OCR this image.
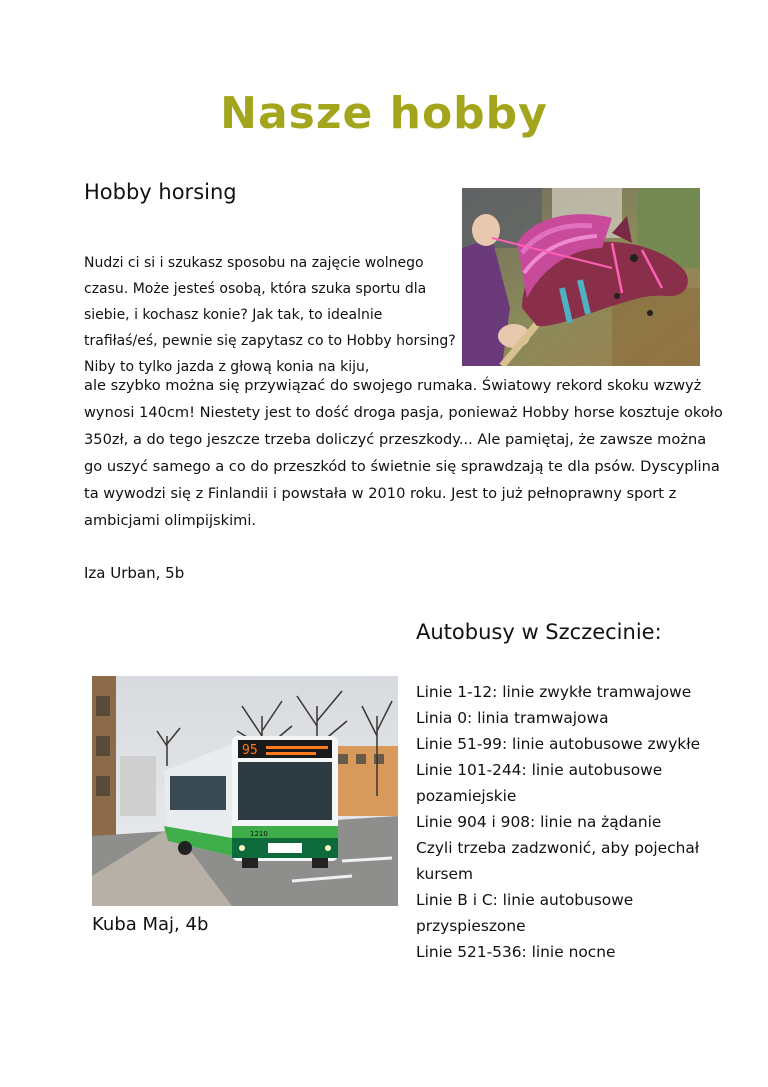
Nasze hobby
Hobby horsing

Nudzi ci si i szukasz sposobu na zajęcie wolnego

czasu. Może jesteś osobą, która szuka sportu dla

siebie, i kochasz konie? Jak tak, to idealnie

trafiłaś/eś, pewnie się zapytasz co to Hobby horsing?

Niby to tylko jazda z głową konia na kiju,

ale szybko można się przywiązać do swojego rumaka. Światowy rekord skoku wzwyż wynosi 140cm! Niestety jest to dość droga pasja, ponieważ Hobby horse kosztuje około 350zł, a do tego jeszcze trzeba doliczyć przeszkody... Ale pamiętaj, że zawsze można go uszyć samego a co do przeszkód to świetnie się sprawdzają te dla psów. Dyscyplina ta wywodzi się z Finlandii i powstała w 2010 roku. Jest to już pełnoprawny sport z ambicjami olimpijskimi.
Iza Urban, 5b
Autobusy w Szczecinie:
Linie 1-12: linie zwykłe tramwajowe
Linia 0: linia tramwajowa
Linie 51-99: linie autobusowe zwykłe
Linie 101-244: linie autobusowe pozamiejskie
Linie 904 i 908: linie na żądanie
Czyli trzeba zadzwonić, aby pojechał kursem
Linie B i C: linie autobusowe przyspieszone
Linie 521-536: linie nocne
95
1210
Kuba Maj, 4b
